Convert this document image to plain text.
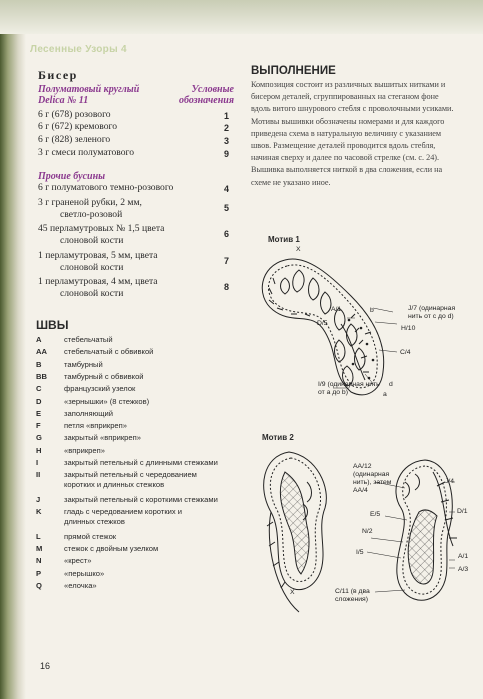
Лесенные Узоры 4
Бисер
Полуматовый круглый
Delica № 11
Условные
обозначения
Прочие бусины
ШВЫ
ВЫПОЛНЕНИЕ
Композиция состоит из различных вышитых нитками и бисером деталей, сгруппированных на стеганом фоне вдоль витого шнурового стебля с проволочными усиками. Мотивы вышивки обозначены номерами и для каждого приведена схема в натуральную величину с указанием швов. Размещение деталей проводится вдоль стебля, начиная сверху и далее по часовой стрелке (см. с. 24). Вышивка выполняется ниткой в два сложения, если на схеме не указано иное.
Мотив 1
X
A/1	b
D/5
J/7 (одинарная нить от с до d)
H/10
C/4
I/9 (одинарная нить от a до b)
d
a
Мотив 2
AA/12 (одинарная нить), затем AA/4
J/4
E/5	D/1
N/2
I/5
A/1
A/3
X	C/11 (в два сложения)
16
6 г (678) розового	1
6 г (672) кремового	2
6 г (828) зеленого	3
3 г смеси полуматового	9
6 г полуматового темно-розового	4
3 г граненой рубки, 2 мм,
светло-розовой
5
45 перламутровых № 1,5 цвета
слоновой кости
6
1 перламутровая, 5 мм, цвета
слоновой кости
7
1 перламутровая, 4 мм, цвета
слоновой кости
8
A	стебельчатый
AA	стебельчатый с обвивкой
B	тамбурный
BB	тамбурный с обвивкой
C	французский узелок
D	«зернышки» (8 стежков)
E	заполняющий
F	петля «вприкреп»
G	закрытый «вприкреп»
H	«вприкреп»
I	закрытый петельный с длинными стежками
II	закрытый петельный с чередованием
коротких и длинных стежков
J	закрытый петельный с короткими стежками
K	гладь с чередованием коротких и
длинных стежков
L	прямой стежок
M	стежок с двойным узелком
N	«крест»
P	«перышко»
Q	«елочка»
